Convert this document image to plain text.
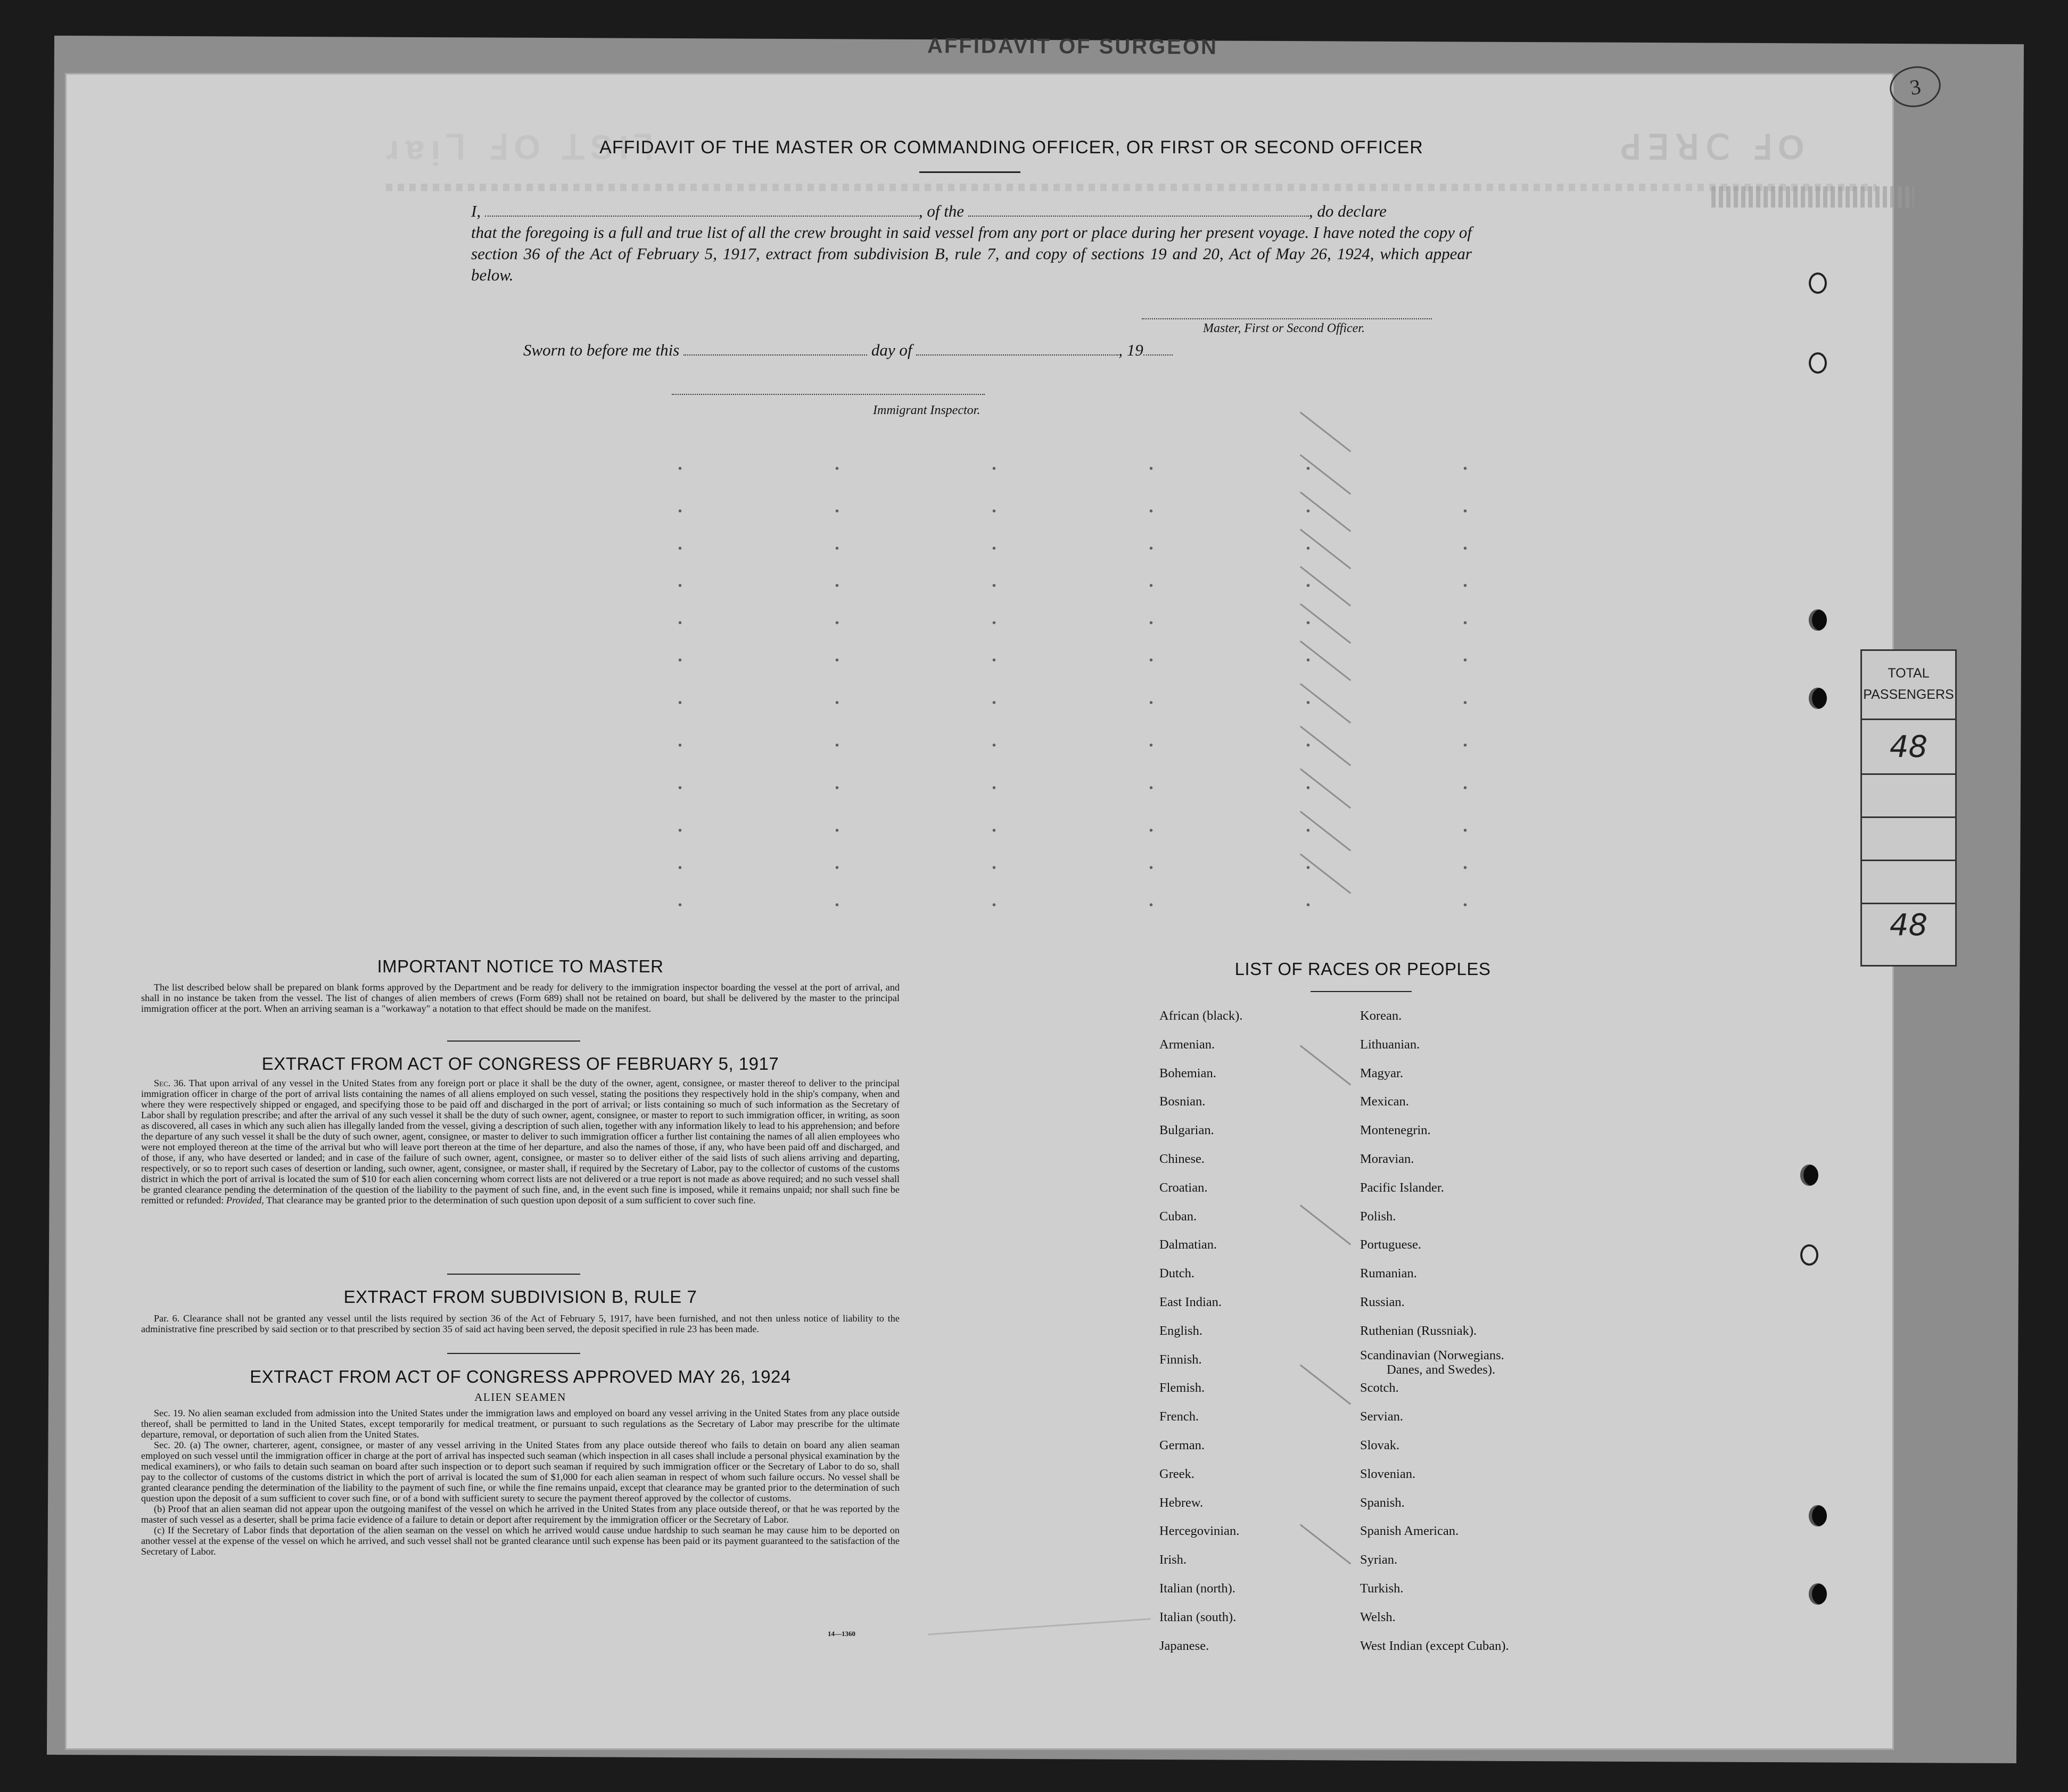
AFFIDAVIT OF SURGEON
ɹɐᴉꓶ ꓞO ꓕSIꓶ
	ꓒꓱꓤꓚ ꓞO
3
AFFIDAVIT OF THE MASTER OR COMMANDING OFFICER, OR FIRST OR SECOND OFFICER

I,	, of the	, do declare

that the foregoing is a full and true list of all the crew brought in said vessel from any port or place during her present voyage. I have noted the copy of section 36 of the Act of February 5, 1917, extract from subdivision B, rule 7, and copy of sections 19 and 20, Act of May 26, 1924, which appear below.

Master, First or Second Officer.
Sworn to before me this	day of	, 19
Immigrant Inspector.
TOTAL
PASSENGERS
48
48
IMPORTANT NOTICE TO MASTER

The list described below shall be prepared on blank forms approved by the Department and be ready for delivery to the immigration inspector boarding the vessel at the port of arrival, and shall in no instance be taken from the vessel. The list of changes of alien members of crews (Form 689) shall not be retained on board, but shall be delivered by the master to the principal immigration officer at the port. When an arriving seaman is a "workaway" a notation to that effect should be made on the manifest.

EXTRACT FROM ACT OF CONGRESS OF FEBRUARY 5, 1917

Sec. 36. That upon arrival of any vessel in the United States from any foreign port or place it shall be the duty of the owner, agent, consignee, or master thereof to deliver to the principal immigration officer in charge of the port of arrival lists containing the names of all aliens employed on such vessel, stating the positions they respectively hold in the ship's company, when and where they were respectively shipped or engaged, and specifying those to be paid off and discharged in the port of arrival; or lists containing so much of such information as the Secretary of Labor shall by regulation prescribe; and after the arrival of any such vessel it shall be the duty of such owner, agent, consignee, or master to report to such immigration officer, in writing, as soon as discovered, all cases in which any such alien has illegally landed from the vessel, giving a description of such alien, together with any information likely to lead to his apprehension; and before the departure of any such vessel it shall be the duty of such owner, agent, consignee, or master to deliver to such immigration officer a further list containing the names of all alien employees who were not employed thereon at the time of the arrival but who will leave port thereon at the time of her departure, and also the names of those, if any, who have been paid off and discharged, and of those, if any, who have deserted or landed; and in case of the failure of such owner, agent, consignee, or master so to deliver either of the said lists of such aliens arriving and departing, respectively, or so to report such cases of desertion or landing, such owner, agent, consignee, or master shall, if required by the Secretary of Labor, pay to the collector of customs of the customs district in which the port of arrival is located the sum of $10 for each alien concerning whom correct lists are not delivered or a true report is not made as above required; and no such vessel shall be granted clearance pending the determination of the question of the liability to the payment of such fine, and, in the event such fine is imposed, while it remains unpaid; nor shall such fine be remitted or refunded: Provided, That clearance may be granted prior to the determination of such question upon deposit of a sum sufficient to cover such fine.

EXTRACT FROM SUBDIVISION B, RULE 7

Par. 6. Clearance shall not be granted any vessel until the lists required by section 36 of the Act of February 5, 1917, have been furnished, and not then unless notice of liability to the administrative fine prescribed by said section or to that prescribed by section 35 of said act having been served, the deposit specified in rule 23 has been made.

EXTRACT FROM ACT OF CONGRESS APPROVED MAY 26, 1924
ALIEN SEAMEN

Sec. 19. No alien seaman excluded from admission into the United States under the immigration laws and employed on board any vessel arriving in the United States from any place outside thereof, shall be permitted to land in the United States, except temporarily for medical treatment, or pursuant to such regulations as the Secretary of Labor may prescribe for the ultimate departure, removal, or deportation of such alien from the United States.

Sec. 20. (a) The owner, charterer, agent, consignee, or master of any vessel arriving in the United States from any place outside thereof who fails to detain on board any alien seaman employed on such vessel until the immigration officer in charge at the port of arrival has inspected such seaman (which inspection in all cases shall include a personal physical examination by the medical examiners), or who fails to detain such seaman on board after such inspection or to deport such seaman if required by such immigration officer or the Secretary of Labor to do so, shall pay to the collector of customs of the customs district in which the port of arrival is located the sum of $1,000 for each alien seaman in respect of whom such failure occurs. No vessel shall be granted clearance pending the determination of the liability to the payment of such fine, or while the fine remains unpaid, except that clearance may be granted prior to the determination of such question upon the deposit of a sum sufficient to cover such fine, or of a bond with sufficient surety to secure the payment thereof approved by the collector of customs.

(b) Proof that an alien seaman did not appear upon the outgoing manifest of the vessel on which he arrived in the United States from any place outside thereof, or that he was reported by the master of such vessel as a deserter, shall be prima facie evidence of a failure to detain or deport after requirement by the immigration officer or the Secretary of Labor.

(c) If the Secretary of Labor finds that deportation of the alien seaman on the vessel on which he arrived would cause undue hardship to such seaman he may cause him to be deported on another vessel at the expense of the vessel on which he arrived, and such vessel shall not be granted clearance until such expense has been paid or its payment guaranteed to the satisfaction of the Secretary of Labor.

14—1360
LIST OF RACES OR PEOPLES
African (black).
Armenian.
Bohemian.
Bosnian.
Bulgarian.
Chinese.
Croatian.
Cuban.
Dalmatian.
Dutch.
East Indian.
English.
Finnish.
Flemish.
French.
German.
Greek.
Hebrew.
Hercegovinian.
Irish.
Italian (north).
Italian (south).
Japanese.
Korean.
Lithuanian.
Magyar.
Mexican.
Montenegrin.
Moravian.
Pacific Islander.
Polish.
Portuguese.
Rumanian.
Russian.
Ruthenian (Russniak).
Scandinavian (Norwegians.
Danes, and Swedes).
Scotch.
Servian.
Slovak.
Slovenian.
Spanish.
Spanish American.
Syrian.
Turkish.
Welsh.
West Indian (except Cuban).
